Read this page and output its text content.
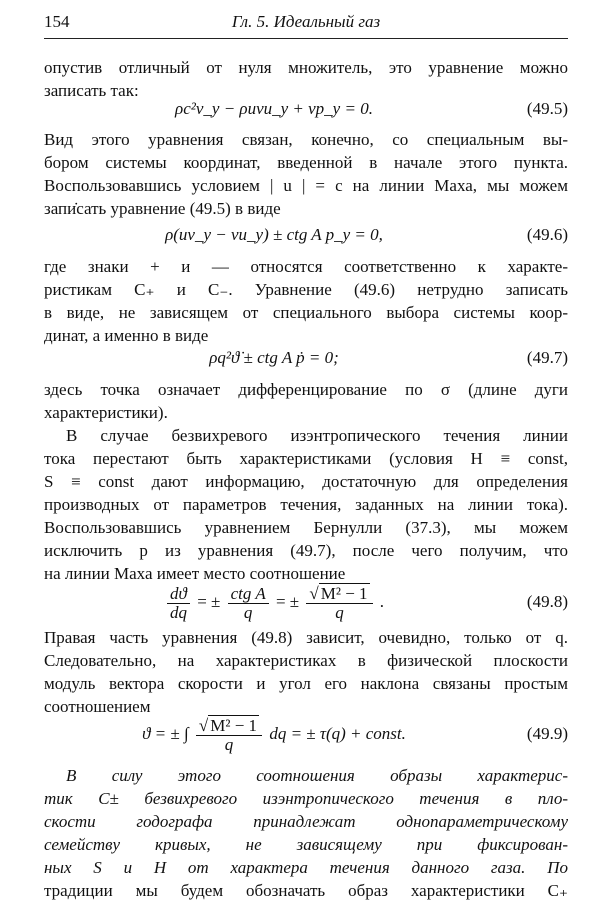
154	Гл. 5. Идеальный газ
опустив отличный от нуля множитель, это уравнение можно
записать так:
ρc²v_y − ρuvu_y + vp_y = 0.	(49.5)
Вид этого уравнения связан, конечно, со специальным вы-
бором системы координат, введенной в начале этого пункта.
Воспользовавшись условием | u | = c на линии Маха, мы можем
запи̇сать уравнение (49.5) в виде
ρ(uv_y − vu_y) ± ctg A p_y = 0,	(49.6)
где знаки + и — относятся соответственно к характе-
ристикам C₊ и C₋. Уравнение (49.6) нетрудно записать
в виде, не зависящем от специального выбора системы коор-
динат, а именно в виде
ρq²ϑ̇ ± ctg A ṗ = 0;	(49.7)
здесь точка означает дифференцирование по σ (длине дуги
характеристики).
В случае безвихревого изэнтропического течения линии
тока перестают быть характеристиками (условия H ≡ const,
S ≡ const дают информацию, достаточную для определения
производных от параметров течения, заданных на линии тока).
Воспользовавшись уравнением Бернулли (37.3), мы можем
исключить p из уравнения (49.7), после чего получим, что
на линии Маха имеет место соотношение
$\frac{dϑ}{dq}$ = ± $\frac{\text{ctg A}}{q}$ = ± $\frac{\text{√ M² − 1}}{q}$ .	(49.8)
Правая часть уравнения (49.8) зависит, очевидно, только от q.
Следовательно, на характеристиках в физической плоскости
модуль вектора скорости и угол его наклона связаны простым
соотношением
ϑ = ± ∫ $\frac{\text{√ M² − 1}}{q}$ dq = ± τ(q) + const.	(49.9)
В силу этого соотношения образы характерис-
тик C± безвихревого изэнтропического течения в пло-
скости годографа принадлежат однопараметрическому
семейству кривых, не зависящему при фиксирован-
ных S и H от характера течения данного газа. По
традиции мы будем обозначать образ характеристики C₊
